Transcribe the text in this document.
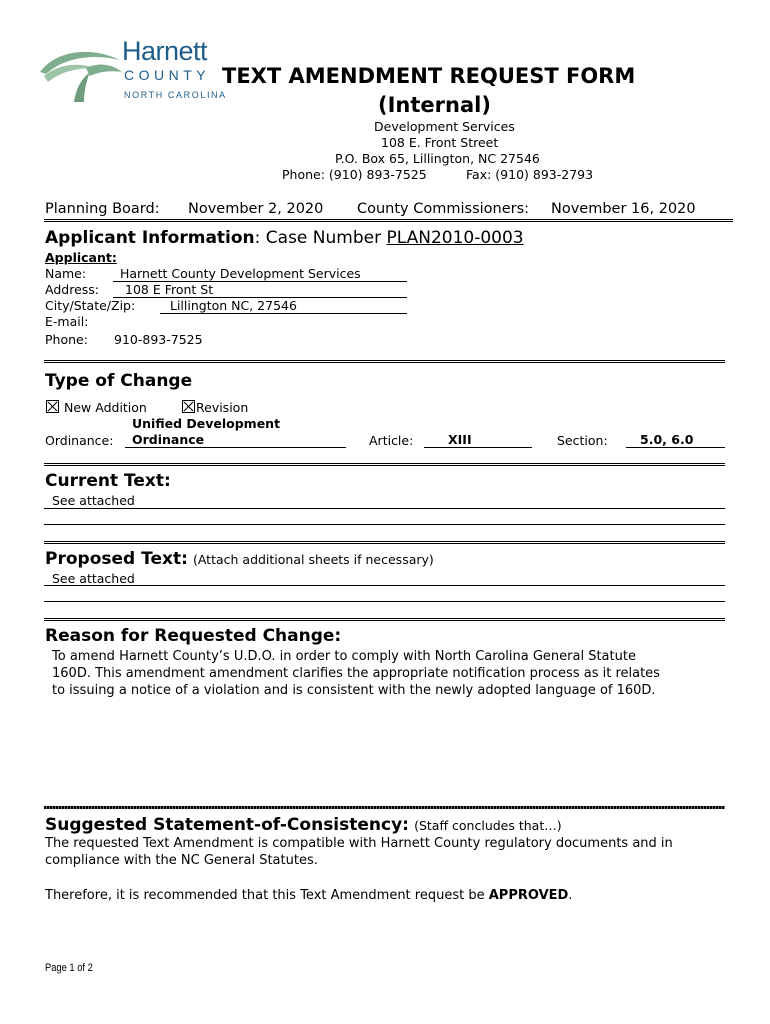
Harnett
COUNTY
NORTH CAROLINA
TEXT AMENDMENT REQUEST FORM
(Internal)
Development Services
108 E. Front Street
P.O. Box 65, Lillington, NC 27546
Phone: (910) 893-7525	Fax: (910) 893-2793
Planning Board: November 2, 2020 County Commissioners: November 16, 2020
Applicant Information: Case Number PLAN2010-0003
Applicant:
Name:	Harnett County Development Services
Address: 108 E Front St
City/State/Zip:	Lillington NC, 27546
E-mail:
Phone: 910-893-7525
Type of Change
New Addition	Revision
Unified Development
Ordinance: Ordinance	Article:	XIII	Section:	5.0, 6.0
Current Text:
See attached
Proposed Text: (Attach additional sheets if necessary)
See attached
Reason for Requested Change:
To amend Harnett County’s U.D.O. in order to comply with North Carolina General Statute
160D. This amendment amendment clarifies the appropriate notification process as it relates
to issuing a notice of a violation and is consistent with the newly adopted language of 160D.
Suggested Statement-of-Consistency: (Staff concludes that…)
The requested Text Amendment is compatible with Harnett County regulatory documents and in
compliance with the NC General Statutes.
Therefore, it is recommended that this Text Amendment request be APPROVED.
Page 1 of 2
